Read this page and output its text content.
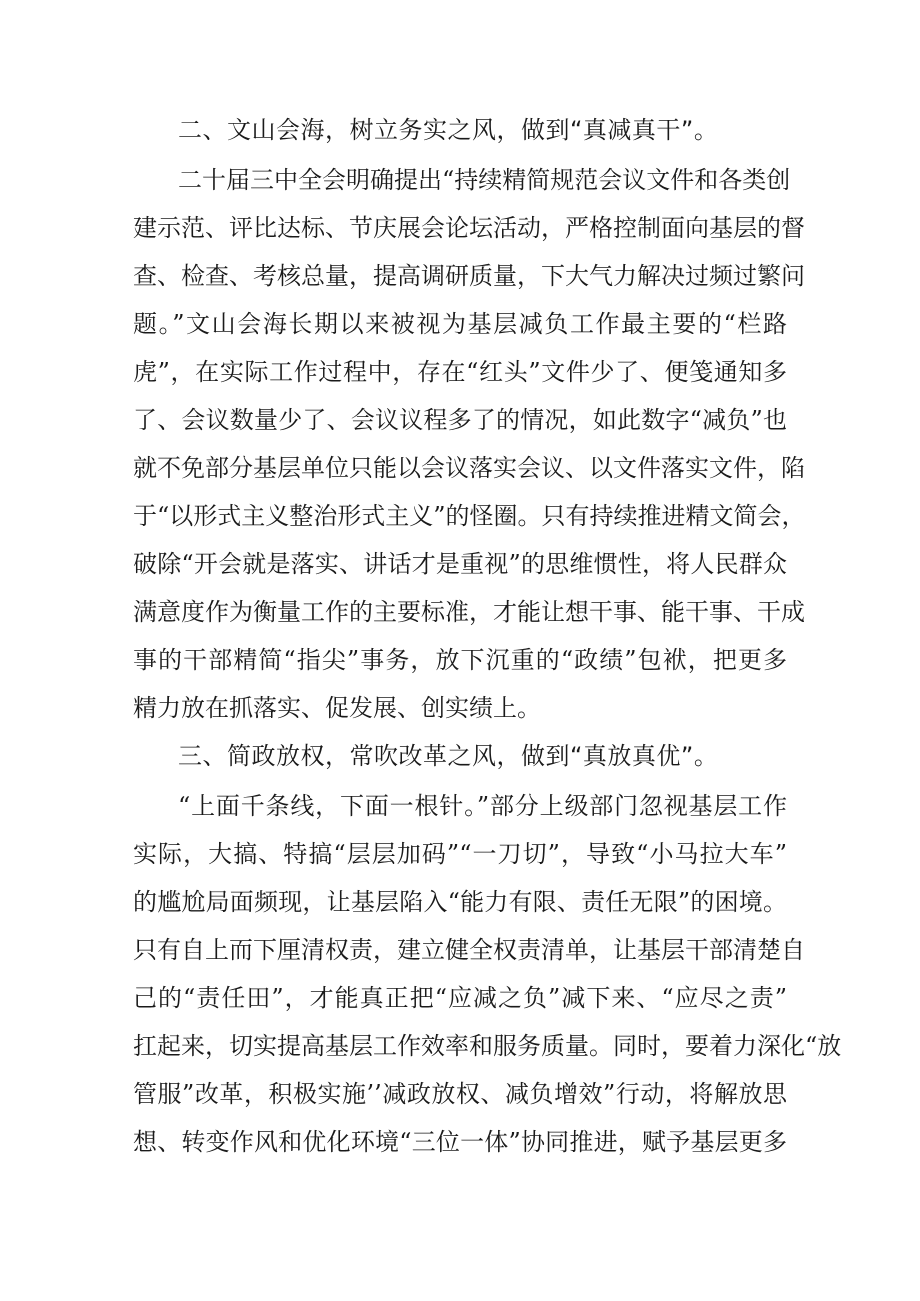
二、文山会海，树立务实之风，做到“真减真干”。

二十届三中全会明确提出“持续精简规范会议文件和各类创

建示范、评比达标、节庆展会论坛活动，严格控制面向基层的督

查、检查、考核总量，提高调研质量，下大气力解决过频过繁问

题。”文山会海长期以来被视为基层减负工作最主要的“栏路

虎”，在实际工作过程中，存在“红头”文件少了、便笺通知多

了、会议数量少了、会议议程多了的情况，如此数字“减负”也

就不免部分基层单位只能以会议落实会议、以文件落实文件，陷

于“以形式主义整治形式主义”的怪圈。只有持续推进精文简会，

破除“开会就是落实、讲话才是重视”的思维惯性，将人民群众

满意度作为衡量工作的主要标准，才能让想干事、能干事、干成

事的干部精简“指尖”事务，放下沉重的“政绩”包袱，把更多

精力放在抓落实、促发展、创实绩上。

三、简政放权，常吹改革之风，做到“真放真优”。

“上面千条线，下面一根针。”部分上级部门忽视基层工作

实际，大搞、特搞“层层加码”“一刀切”，导致“小马拉大车”

的尴尬局面频现，让基层陷入“能力有限、责任无限”的困境。

只有自上而下厘清权责，建立健全权责清单，让基层干部清楚自

己的“责任田”，才能真正把“应减之负”减下来、“应尽之责”

扛起来，切实提高基层工作效率和服务质量。同时，要着力深化“放

管服”改革，积极实施’’减政放权、减负增效”行动，将解放思

想、转变作风和优化环境“三位一体”协同推进，赋予基层更多
